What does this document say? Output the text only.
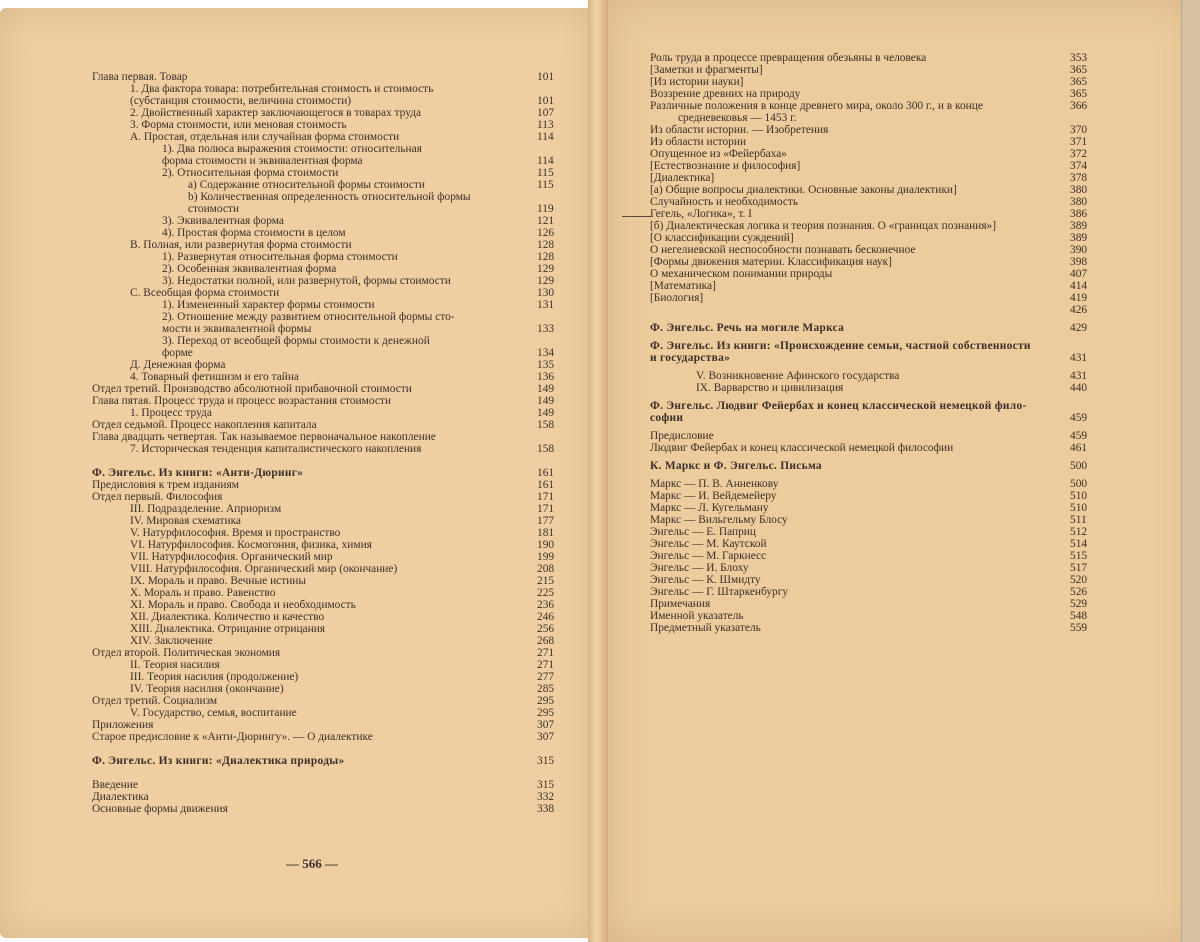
Глава первая. Товар	101
1. Два фактора товара: потребительная стоимость и стоимость
(субстанция стоимости, величина стоимости)	101
2. Двойственный характер заключающегося в товарах труда	107
3. Форма стоимости, или меновая стоимость	113
А. Простая, отдельная или случайная форма стоимости	114
1). Два полюса выражения стоимости: относительная
форма стоимости и эквивалентная форма	114
2). Относительная форма стоимости	115
a) Содержание относительной формы стоимости	115
b) Количественная определенность относительной формы
стоимости	119
3). Эквивалентная форма	121
4). Простая форма стоимости в целом	126
В. Полная, или развернутая форма стоимости	128
1). Развернутая относительная форма стоимости	128
2). Особенная эквивалентная форма	129
3). Недостатки полной, или развернутой, формы стоимости	129
С. Всеобщая форма стоимости	130
1). Измененный характер формы стоимости	131
2). Отношение между развитием относительной формы сто-
мости и эквивалентной формы	133
3). Переход от всеобщей формы стоимости к денежной
форме	134
Д. Денежная форма	135
4. Товарный фетишизм и его тайна	136
Отдел третий. Производство абсолютной прибавочной стоимости	149
Глава пятая. Процесс труда и процесс возрастания стоимости	149
1. Процесс труда	149
Отдел седьмой. Процесс накопления капитала	158
Глава двадцать четвертая. Так называемое первоначальное накопление
7. Историческая тенденция капиталистического накопления	158
Ф. Энгельс. Из книги: «Анти-Дюринг»	161
Предисловия к трем изданиям	161
Отдел первый. Философия	171
III. Подразделение. Априоризм	171
IV. Мировая схематика	177
V. Натурфилософия. Время и пространство	181
VI. Натурфилософия. Космогония, физика, химия	190
VII. Натурфилософия. Органический мир	199
VIII. Натурфилософия. Органический мир (окончание)	208
IX. Мораль и право. Вечные истины	215
X. Мораль и право. Равенство	225
XI. Мораль и право. Свобода и необходимость	236
XII. Диалектика. Количество и качество	246
XIII. Диалектика. Отрицание отрицания	256
XIV. Заключение	268
Отдел второй. Политическая экономия	271
II. Теория насилия	271
III. Теория насилия (продолжение)	277
IV. Теория насилия (окончание)	285
Отдел третий. Социализм	295
V. Государство, семья, воспитание	295
Приложения	307
Старое предисловие к «Анти-Дюрингу». — О диалектике	307
Ф. Энгельс. Из книги: «Диалектика природы»	315
Введение	315
Диалектика	332
Основные формы движения	338
Роль труда в процессе превращения обезьяны в человека	353
[Заметки и фрагменты]	365
[Из истории науки]	365
Воззрение древних на природу	365
Различные положения в конце древнего мира, около 300 г., и в конце	366
средневековья — 1453 г.
Из области истории. — Изобретения	370
Из области истории	371
Опущенное из «Фейербаха»	372
[Естествознание и философия]	374
[Диалектика]	378
[а) Общие вопросы диалектики. Основные законы диалектики]	380
Случайность и необходимость	380
Гегель, «Логика», т. I	386
[б) Диалектическая логика и теория познания. О «границах познания»]	389
[О классификации суждений]	389
О негелиевской неспособности познавать бесконечное	390
[Формы движения материи. Классификация наук]	398
О механическом понимании природы	407
[Математика]	414
[Биология]	419
426
Ф. Энгельс. Речь на могиле Маркса	429
Ф. Энгельс. Из книги: «Происхождение семьи, частной собственности
и государства»	431
V. Возникновение Афинского государства	431
IX. Варварство и цивилизация	440
Ф. Энгельс. Людвиг Фейербах и конец классической немецкой фило-
софии	459
Предисловие	459
Людвиг Фейербах и конец классической немецкой философии	461
К. Маркс и Ф. Энгельс. Письма	500
Маркс — П. В. Анненкову	500
Маркс — И. Вейдемейеру	510
Маркс — Л. Кугельману	510
Маркс — Вильгельму Блосу	511
Энгельс — Е. Паприц	512
Энгельс — М. Каутской	514
Энгельс — М. Гаркнесс	515
Энгельс — И. Блоху	517
Энгельс — К. Шмидту	520
Энгельс — Г. Штаркенбургу	526
Примечания	529
Именной указатель	548
Предметный указатель	559
— 566 —
